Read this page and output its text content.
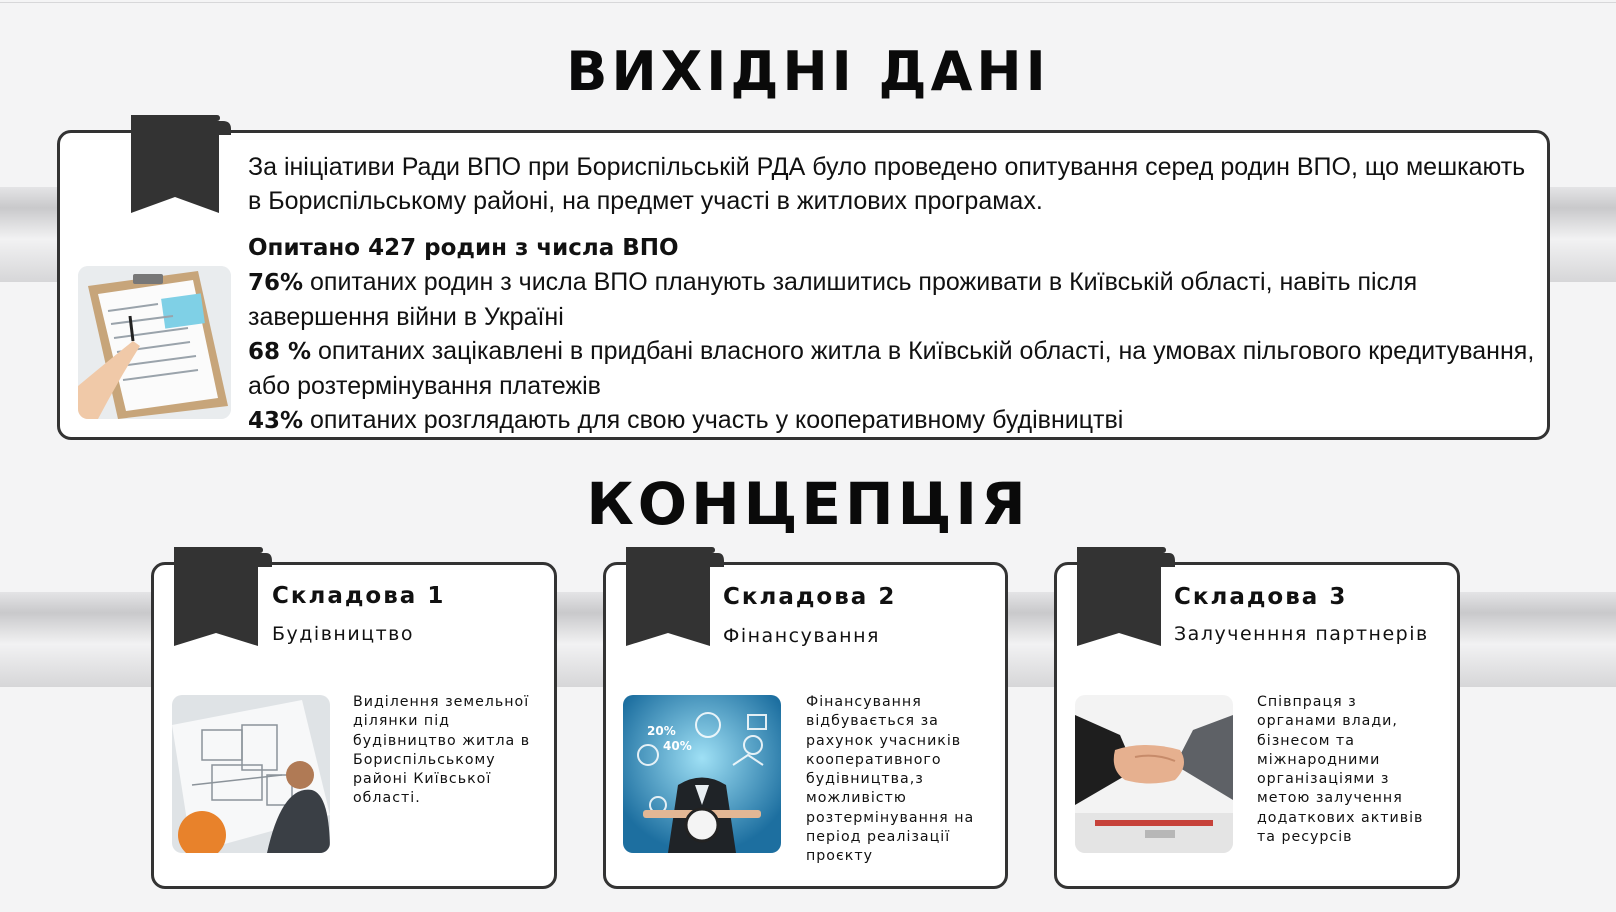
ВИХІДНІ ДАНІ

За ініціативи Ради ВПО при Бориспільській РДА було проведено опитування серед родин ВПО, що мешкають в Бориспільському районі, на предмет участі в житлових програмах.

Опитано 427 родин з числа ВПО

76% опитаних родин з числа ВПО планують залишитись проживати в Київській області, навіть після завершення війни в Україні

68 % опитаних зацікавлені в придбані власного житла в Київській області, на умовах пільгового кредитування, або розтермінування платежів

43% опитаних розглядають для свою участь у кооперативному будівництві

КОНЦЕПЦІЯ
Складова 1
Будівництво
Виділення земельної ділянки під будівництво житла в Бориспільському районі Київської області.
Складова 2
Фінансування
20%
40%
Фінансування відбувається за рахунок учасників кооперативного будівництва,з можливістю розтермінування на період реалізації проєкту
Складова 3
Залученння партнерів
Співпраця з органами влади, бізнесом та міжнародними організаціями з метою залучення додаткових активів та ресурсів
